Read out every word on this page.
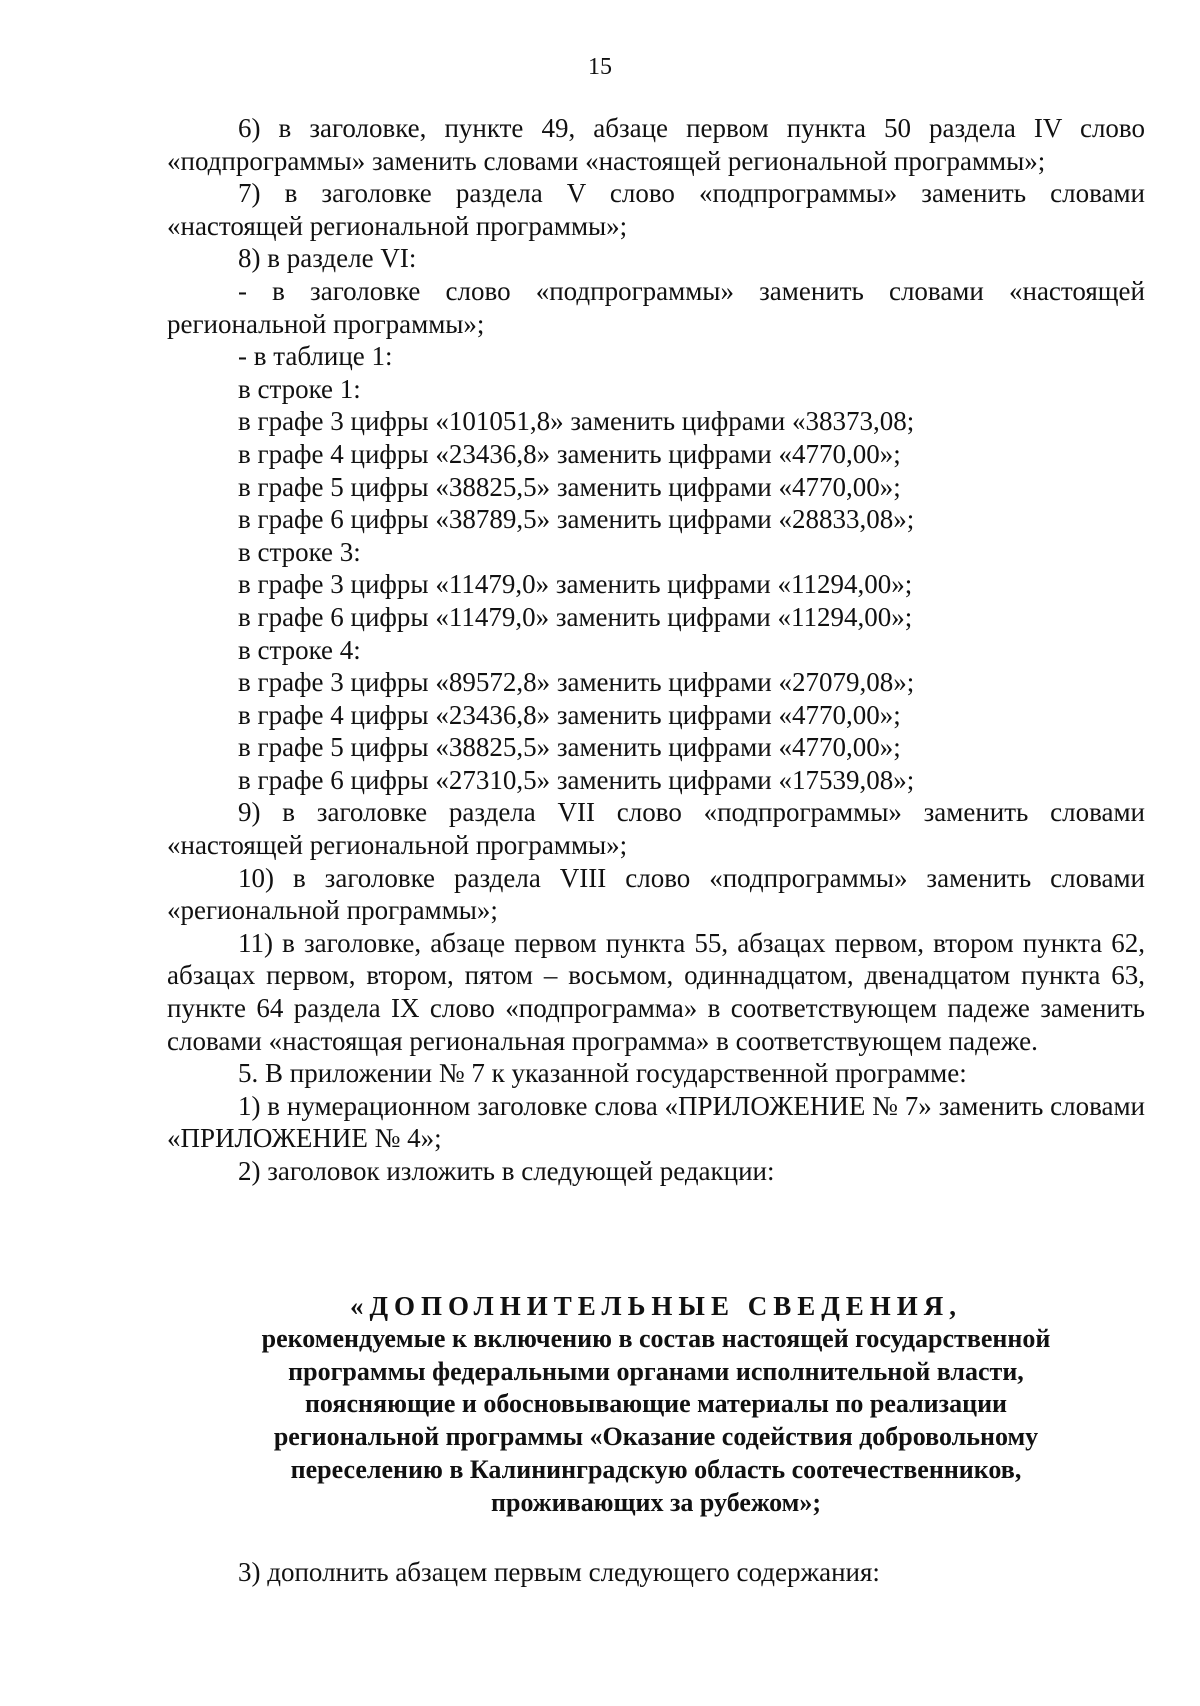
15

6) в заголовке, пункте 49, абзаце первом пункта 50 раздела IV слово «подпрограммы» заменить словами «настоящей региональной программы»;

7) в заголовке раздела V слово «подпрограммы» заменить словами «настоящей региональной программы»;

8) в разделе VI:

- в заголовке слово «подпрограммы» заменить словами «настоящей региональной программы»;

- в таблице 1:

в строке 1:

в графе 3 цифры «101051,8» заменить цифрами «38373,08;

в графе 4 цифры «23436,8» заменить цифрами «4770,00»;

в графе 5 цифры «38825,5» заменить цифрами «4770,00»;

в графе 6 цифры «38789,5» заменить цифрами «28833,08»;

в строке 3:

в графе 3 цифры «11479,0» заменить цифрами «11294,00»;

в графе 6 цифры «11479,0» заменить цифрами «11294,00»;

в строке 4:

в графе 3 цифры «89572,8» заменить цифрами «27079,08»;

в графе 4 цифры «23436,8» заменить цифрами «4770,00»;

в графе 5 цифры «38825,5» заменить цифрами «4770,00»;

в графе 6 цифры «27310,5» заменить цифрами «17539,08»;

9) в заголовке раздела VII слово «подпрограммы» заменить словами «настоящей региональной программы»;

10) в заголовке раздела VIII слово «подпрограммы» заменить словами «региональной программы»;

11) в заголовке, абзаце первом пункта 55, абзацах первом, втором пункта 62, абзацах первом, втором, пятом – восьмом, одиннадцатом, двенадцатом пункта 63, пункте 64 раздела IX слово «подпрограмма» в соответствующем падеже заменить словами «настоящая региональная программа» в соответствующем падеже.

5. В приложении № 7 к указанной государственной программе:

1) в нумерационном заголовке слова «ПРИЛОЖЕНИЕ № 7» заменить словами «ПРИЛОЖЕНИЕ № 4»;

2) заголовок изложить в следующей редакции:

«ДОПОЛНИТЕЛЬНЫЕ СВЕДЕНИЯ,
рекомендуемые к включению в состав настоящей государственной
программы федеральными органами исполнительной власти,
поясняющие и обосновывающие материалы по реализации
региональной программы «Оказание содействия добровольному
переселению в Калининградскую область соотечественников,
проживающих за рубежом»;

3) дополнить абзацем первым следующего содержания:
